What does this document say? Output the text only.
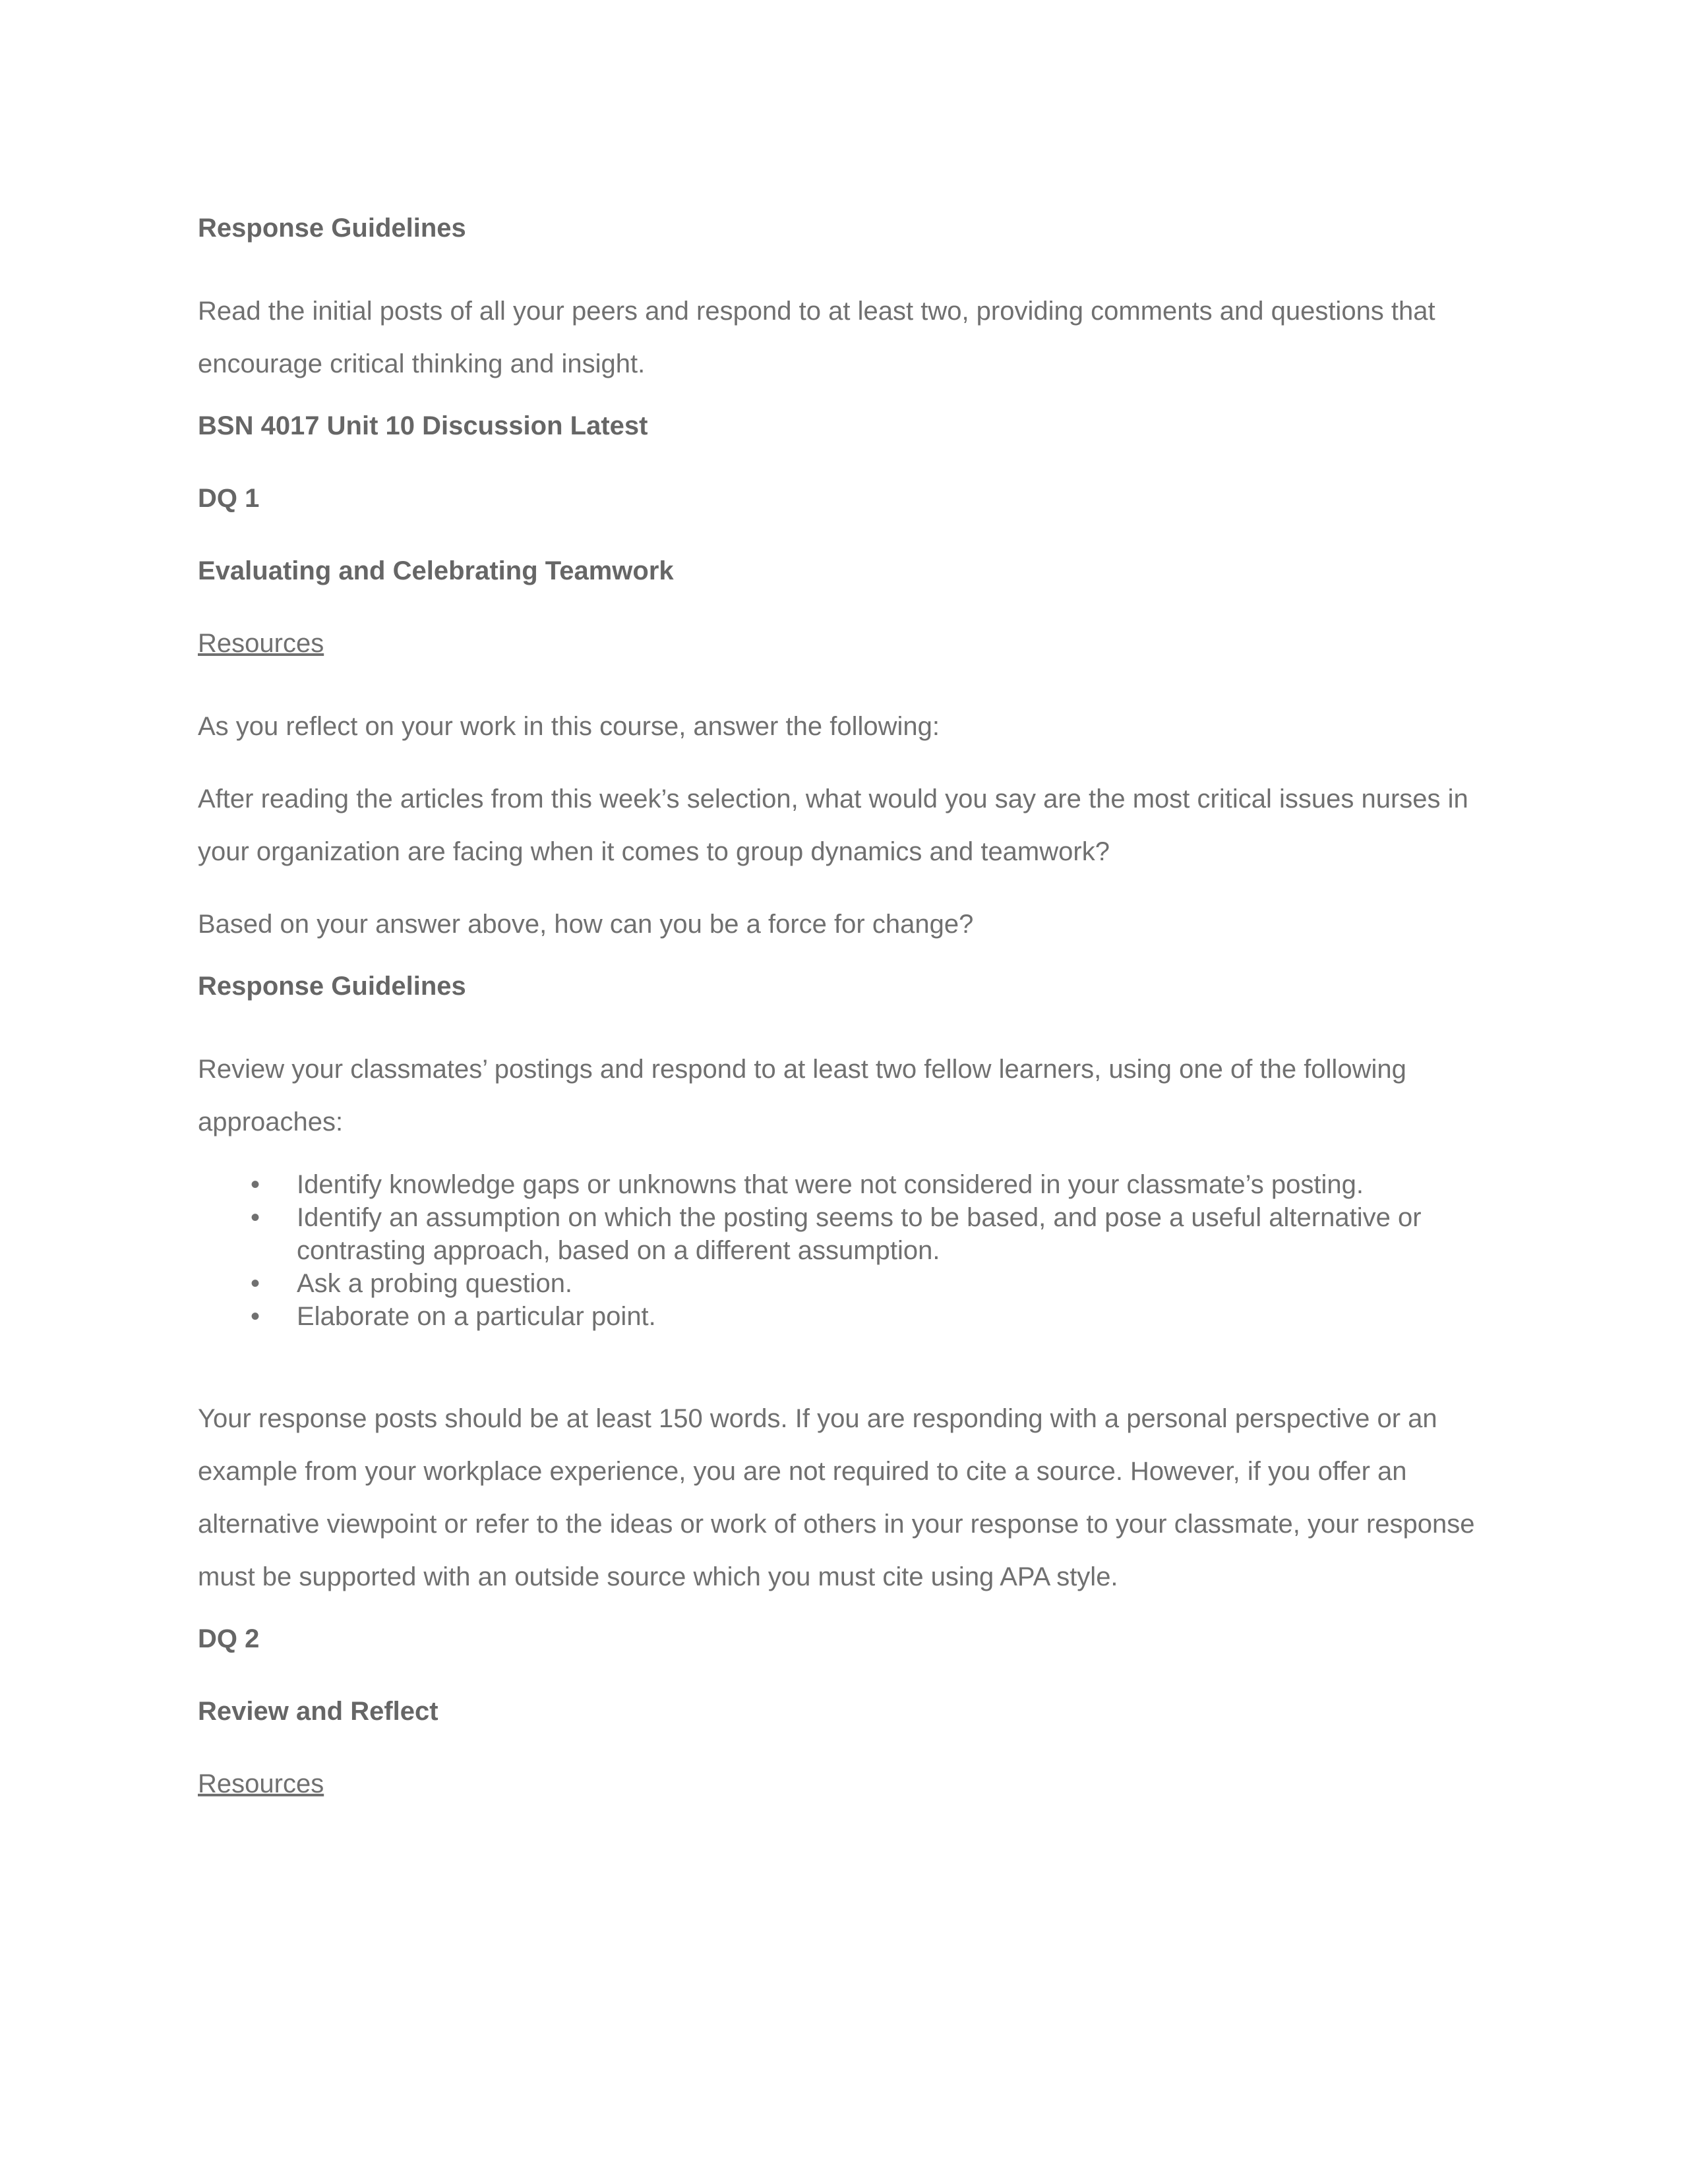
Response Guidelines

Read the initial posts of all your peers and respond to at least two, providing comments and questions that encourage critical thinking and insight.

BSN 4017 Unit 10 Discussion Latest
DQ 1
Evaluating and Celebrating Teamwork
Resources

As you reflect on your work in this course, answer the following:

After reading the articles from this week’s selection, what would you say are the most critical issues nurses in your organization are facing when it comes to group dynamics and teamwork?

Based on your answer above, how can you be a force for change?

Response Guidelines

Review your classmates’ postings and respond to at least two fellow learners, using one of the following approaches:

• Identify knowledge gaps or unknowns that were not considered in your classmate’s posting.
• Identify an assumption on which the posting seems to be based, and pose a useful alternative or contrasting approach, based on a different assumption.
• Ask a probing question.
• Elaborate on a particular point.

Your response posts should be at least 150 words. If you are responding with a personal perspective or an example from your workplace experience, you are not required to cite a source. However, if you offer an alternative viewpoint or refer to the ideas or work of others in your response to your classmate, your response must be supported with an outside source which you must cite using APA style.

DQ 2
Review and Reflect
Resources
